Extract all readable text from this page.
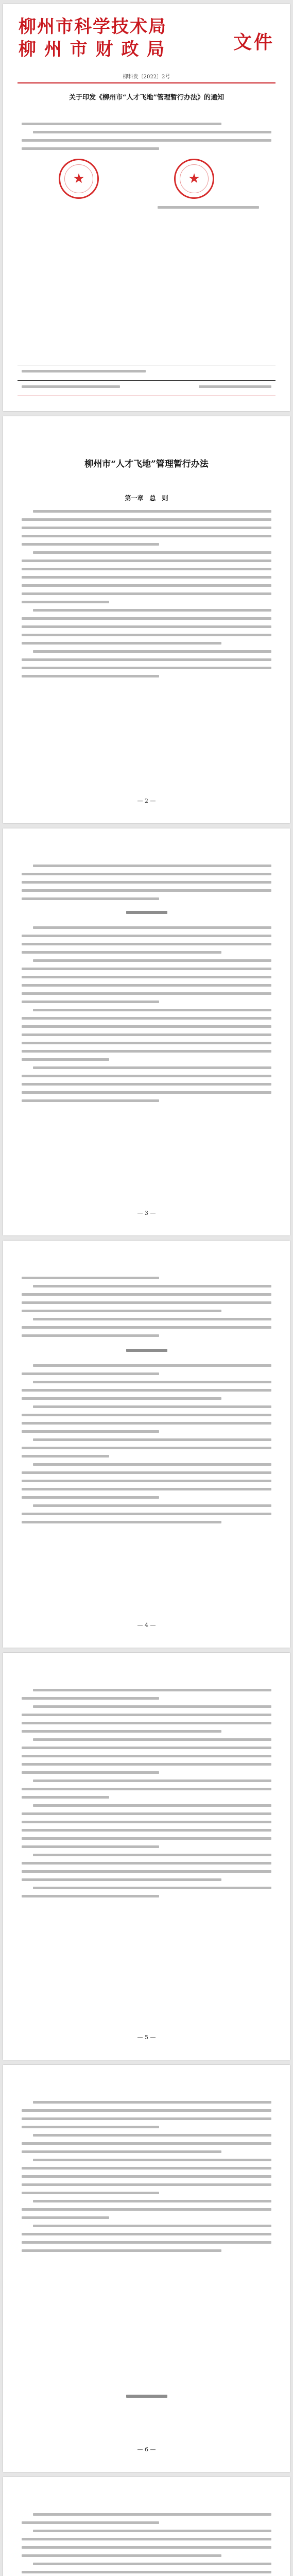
柳州市科学技术局
柳 州 市 财 政 局	文件
柳科发〔2022〕2号
关于印发《柳州市“人才飞地”管理暂行办法》的通知
★	★
柳州市“人才飞地”管理暂行办法
第一章　总　则
— 2 —
— 3 —
— 4 —
— 5 —
— 6 —
